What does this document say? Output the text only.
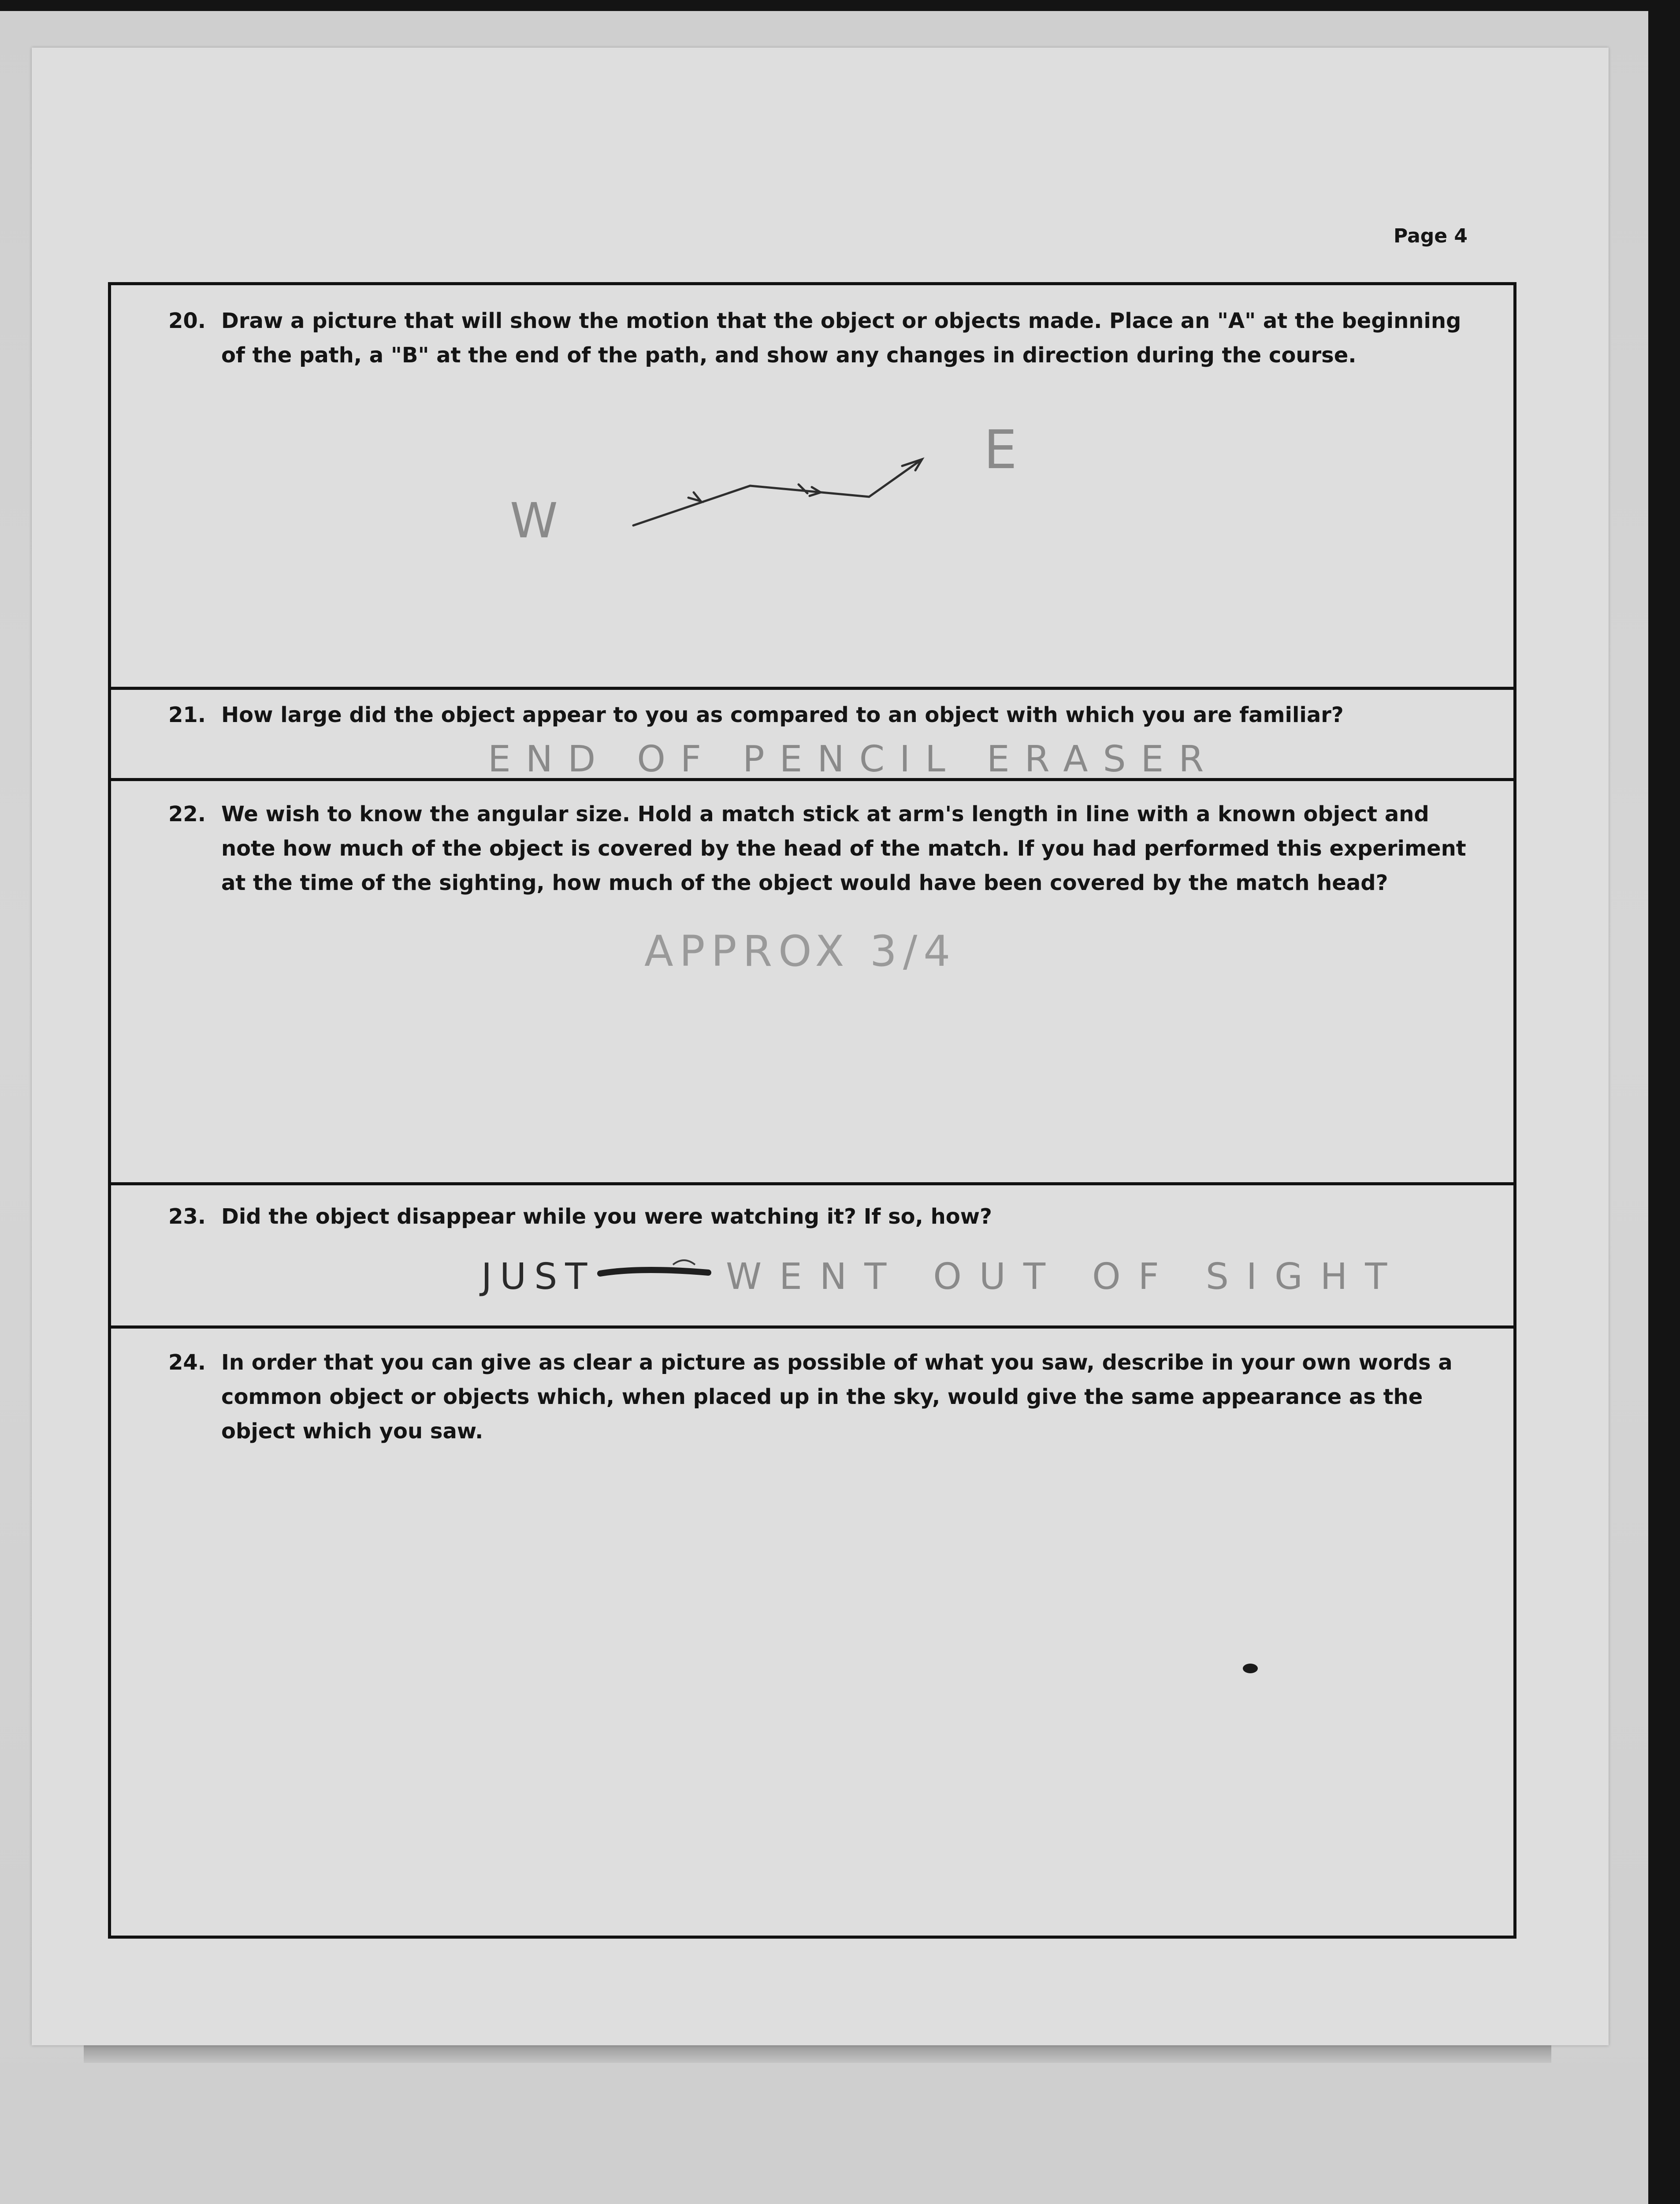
Page 4
20. Draw a picture that will show the motion that the object or objects made. Place an "A" at the beginning of the path, a "B" at the end of the path, and show any changes in direction during the course.
W
E
21. How large did the object appear to you as compared to an object with which you are familiar?
END OF PENCIL ERASER
22. We wish to know the angular size. Hold a match stick at arm's length in line with a known object and note how much of the object is covered by the head of the match. If you had performed this experiment at the time of the sighting, how much of the object would have been covered by the match head?
APPROX 3/4
23. Did the object disappear while you were watching it? If so, how?
JUST	WENT OUT OF SIGHT
24. In order that you can give as clear a picture as possible of what you saw, describe in your own words a common object or objects which, when placed up in the sky, would give the same appearance as the object which you saw.
